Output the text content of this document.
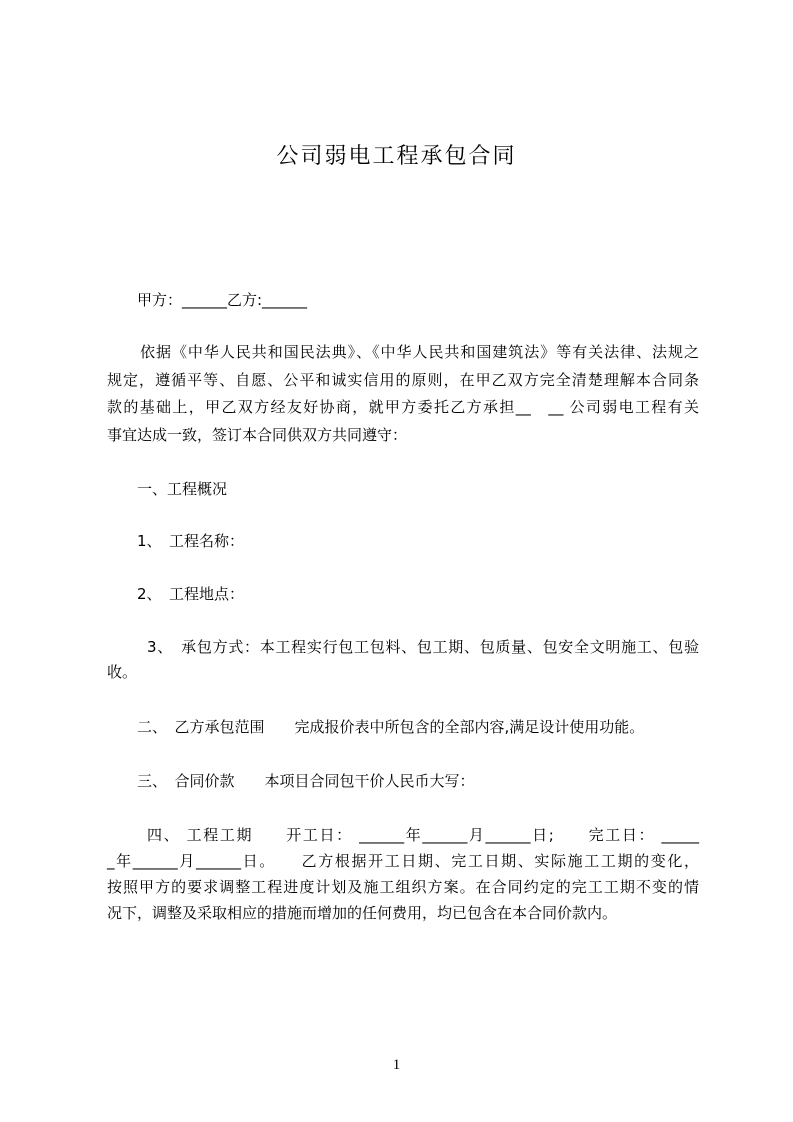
公司弱电工程承包合同
甲方：______乙方:______
依据《中华人民共和国民法典》、《中华人民共和国建筑法》等有关法律、法规之
规定，遵循平等、自愿、公平和诚实信用的原则，在甲乙双方完全清楚理解本合同条
款的基础上，甲乙双方经友好协商，就甲方委托乙方承担__　__ 公司弱电工程有关
事宜达成一致，签订本合同供双方共同遵守：
一、工程概况
1、　工程名称：
2、　工程地点：
3、　承包方式：本工程实行包工包料、包工期、包质量、包安全文明施工、包验
收。
二、　乙方承包范围　　完成报价表中所包含的全部内容,满足设计使用功能。
三、　合同价款　　本项目合同包干价人民币大写：
四、 工程工期　　开工日： ______年______月______日;　　完工日： _____
_年______月______日。　　乙方根据开工日期、完工日期、实际施工工期的变化，
按照甲方的要求调整工程进度计划及施工组织方案。在合同约定的完工工期不变的情
况下，调整及采取相应的措施而增加的任何费用，均已包含在本合同价款内。
1
